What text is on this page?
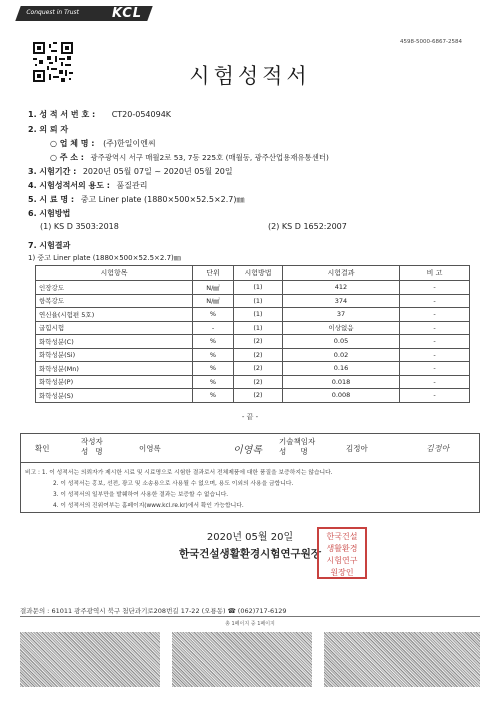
Conquest in Trust	KCL
4598-5000-6867-2584
시험성적서
1. 성 적 서 번 호 : CT20-054094K
2. 의 뢰 자
○ 업 체 명 : (주)한일이엔씨
○ 주 소 : 광주광역시 서구 매월2로 53, 7동 225호 (매월동, 광주산업용재유통센터)
3. 시험기간 : 2020년 05월 07일 ~ 2020년 05월 20일
4. 시험성적서의 용도 : 품질관리
5. 시 료 명 : 중고 Liner plate (1880×500×52.5×2.7)㎜
6. 시험방법
(1) KS D 3503:2018	(2) KS D 1652:2007
7. 시험결과
1) 중고 Liner plate (1880×500×52.5×2.7)㎜
시험항목	단위	시험방법	시험결과	비 고
인장강도	N/㎟	(1)	412	-
항복강도	N/㎟	(1)	374	-
연신율(시험편 5호)	%	(1)	37	-
굽힘시험	-	(1)	이상없음	-
화학성분(C)	%	(2)	0.05	-
화학성분(Si)	%	(2)	0.02	-
화학성분(Mn)	%	(2)	0.16	-
화학성분(P)	%	(2)	0.018	-
화학성분(S)	%	(2)	0.008	-
- 끝 -
확인
작성자
성   명	이영록	이영록
기술책임자
성      명	김정아	김정아
비고 : 1. 이 성적서는 의뢰자가 제시한 시료 및 시료명으로 시험한 결과로서 전체제품에 대한 품질을 보증하지는 않습니다.
2. 이 성적서는 홍보, 선전, 광고 및 소송용으로 사용될 수 없으며, 용도 이외의 사용을 금합니다.
3. 이 성적서의 일부만을 발췌하여 사용한 결과는 보증할 수 없습니다.
4. 이 성적서의 진위여부는 홈페이지(www.kcl.re.kr)에서 확인 가능합니다.
2020년 05월 20일
한국건설생활환경시험연구원장
한국건설
생활환경
시험연구
원장인
결과문의 : 61011 광주광역시 북구 첨단과기로208번길 17-22 (오룡동) ☎ (062)717-6129
총 1페이지 중 1페이지
